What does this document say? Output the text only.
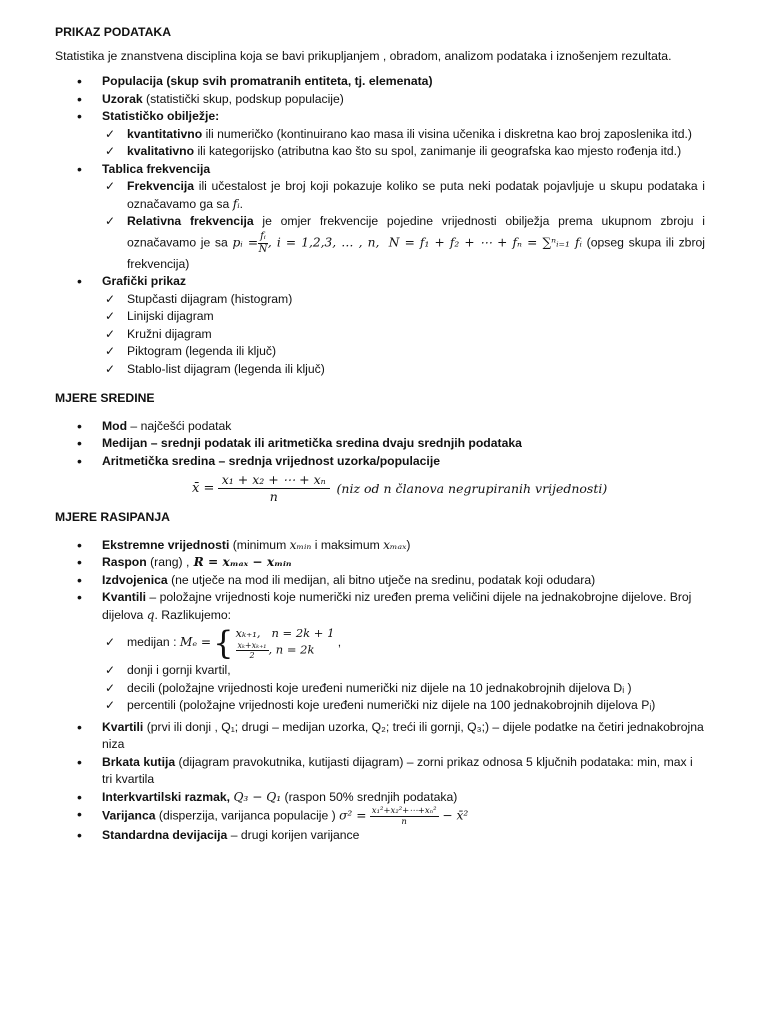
PRIKAZ PODATAKA

Statistika je znanstvena disciplina koja se bavi prikupljanjem , obradom, analizom podataka i iznošenjem rezultata.

• Populacija (skup svih promatranih entiteta, tj. elemenata)
• Uzorak (statistički skup, podskup populacije)
• Statističko obilježje:
✓ kvantitativno ili numeričko (kontinuirano kao masa ili visina učenika i diskretna kao broj zaposlenika itd.)
✓ kvalitativno ili kategorijsko (atributna kao što su spol, zanimanje ili geografska kao mjesto rođenja itd.)
• Tablica frekvencija
✓ Frekvencija ili učestalost je broj koji pokazuje koliko se puta neki podatak pojavljuje u skupu podataka i označavamo ga sa fᵢ.
✓ Relativna frekvencija je omjer frekvencije pojedine vrijednosti obilježja prema ukupnom zbroju i označavamo je sa pᵢ = $\frac{\text{fᵢ}}{N}$ , i = 1,2,3, … , n, N = f₁ + f₂ + ⋯ + fₙ = ∑ⁿᵢ₌₁ fᵢ (opseg skupa ili zbroj frekvencija)
• Grafički prikaz
✓ Stupčasti dijagram (histogram)
✓ Linijski dijagram
✓ Kružni dijagram
✓ Piktogram (legenda ili ključ)
✓ Stablo-list dijagram (legenda ili ključ)

MJERE SREDINE

• Mod – najčešći podatak
• Medijan – srednji podatak ili aritmetička sredina dvaju srednjih podataka
• Aritmetička sredina – srednja vrijednost uzorka/populacije
x̄ =
$\frac{\text{x₁ + x₂ + ⋯ + xₙ}}{n}$
(niz od n članova negrupiranih vrijednosti)

MJERE RASIPANJA

• Ekstremne vrijednosti (minimum xₘᵢₙ i maksimum xₘₐₓ)
• Raspon (rang) , R = xₘₐₓ − xₘᵢₙ
• Izdvojenica (ne utječe na mod ili medijan, ali bitno utječe na sredinu, podatak koji odudara)
• Kvantili – položajne vrijednosti koje numerički niz uređen prema veličini dijele na jednakobrojne dijelove. Broj dijelova q. Razlikujemo:
✓ medijan : Mₑ = { xₖ₊₁, n = 2k + 1

$\frac{\text{xₖ+xₖ₊₁}}{2}$ , n = 2k
,
✓ donji i gornji kvartil,
✓ decili (položajne vrijednosti koje uređeni numerički niz dijele na 10 jednakobrojnih dijelova Dᵢ )
✓ percentili (položajne vrijednosti koje uređeni numerički niz dijele na 100 jednakobrojnih dijelova Pᵢ)
• Kvartili (prvi ili donji , Q₁; drugi – medijan uzorka, Q₂; treći ili gornji, Q₃;) – dijele podatke na četiri jednakobrojna niza
• Brkata kutija (dijagram pravokutnika, kutijasti dijagram) – zorni prikaz odnosa 5 ključnih podataka: min, max i tri kvartila
• Interkvartilski razmak, Q₃ − Q₁ (raspon 50% srednjih podataka)
• Varijanca (disperzija, varijanca populacije ) $\sigma^2 = \frac{\text{x₁²+x₂²+⋯+xₙ²}}{n}$ − x̄²
• Standardna devijacija – drugi korijen varijance
